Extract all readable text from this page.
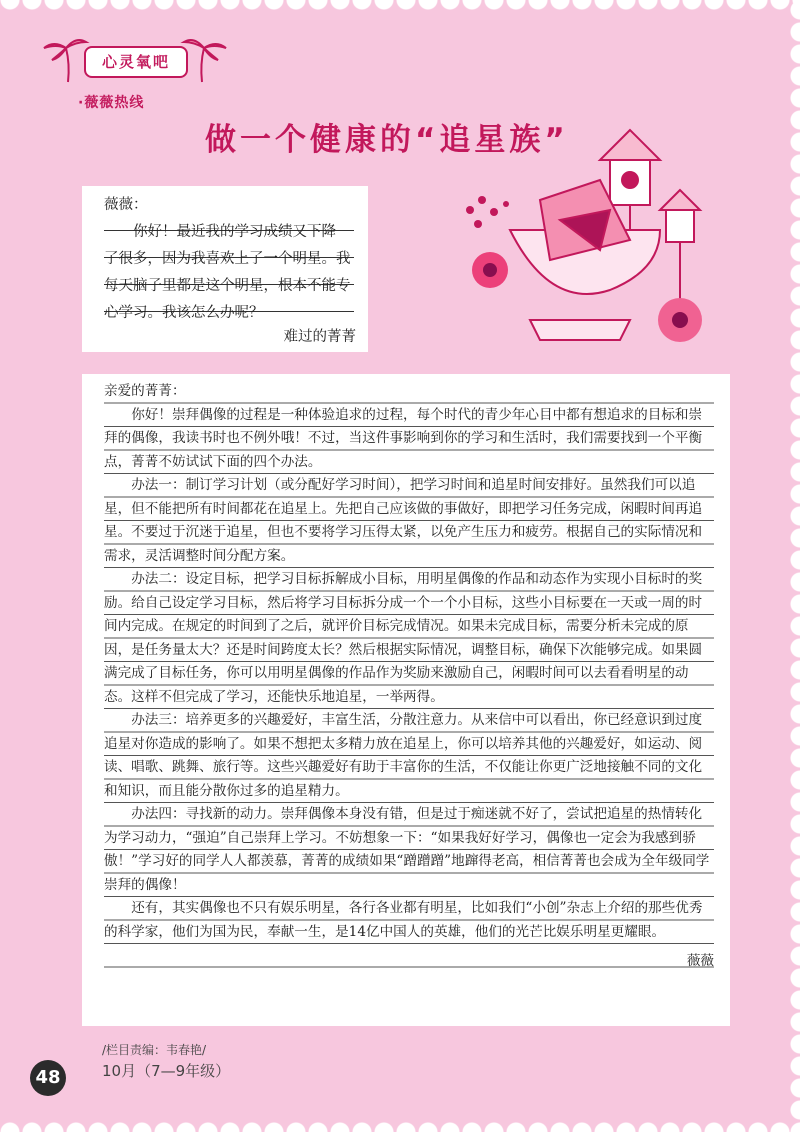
心灵氧吧
·薇薇热线
做一个健康的“追星族”
薇薇：
你好！最近我的学习成绩又下降
了很多，因为我喜欢上了一个明星。我
每天脑子里都是这个明星，根本不能专
心学习。我该怎么办呢？
难过的菁菁

亲爱的菁菁：

你好！崇拜偶像的过程是一种体验追求的过程，每个时代的青少年心目中都有想追求的目标和崇拜的偶像，我读书时也不例外哦！不过，当这件事影响到你的学习和生活时，我们需要找到一个平衡点，菁菁不妨试试下面的四个办法。

办法一：制订学习计划（或分配好学习时间），把学习时间和追星时间安排好。虽然我们可以追星，但不能把所有时间都花在追星上。先把自己应该做的事做好，即把学习任务完成，闲暇时间再追星。不要过于沉迷于追星，但也不要将学习压得太紧，以免产生压力和疲劳。根据自己的实际情况和需求，灵活调整时间分配方案。

办法二：设定目标，把学习目标拆解成小目标，用明星偶像的作品和动态作为实现小目标时的奖励。给自己设定学习目标，然后将学习目标拆分成一个一个小目标，这些小目标要在一天或一周的时间内完成。在规定的时间到了之后，就评价目标完成情况。如果未完成目标，需要分析未完成的原因，是任务量太大？还是时间跨度太长？然后根据实际情况，调整目标，确保下次能够完成。如果圆满完成了目标任务，你可以用明星偶像的作品作为奖励来激励自己，闲暇时间可以去看看明星的动态。这样不但完成了学习，还能快乐地追星，一举两得。

办法三：培养更多的兴趣爱好，丰富生活，分散注意力。从来信中可以看出，你已经意识到过度追星对你造成的影响了。如果不想把太多精力放在追星上，你可以培养其他的兴趣爱好，如运动、阅读、唱歌、跳舞、旅行等。这些兴趣爱好有助于丰富你的生活，不仅能让你更广泛地接触不同的文化和知识，而且能分散你过多的追星精力。

办法四：寻找新的动力。崇拜偶像本身没有错，但是过于痴迷就不好了，尝试把追星的热情转化为学习动力，“强迫”自己崇拜上学习。不妨想象一下：“如果我好好学习，偶像也一定会为我感到骄傲！”学习好的同学人人都羡慕，菁菁的成绩如果“蹭蹭蹭”地蹿得老高，相信菁菁也会成为全年级同学崇拜的偶像！

还有，其实偶像也不只有娱乐明星，各行各业都有明星，比如我们“小创”杂志上介绍的那些优秀的科学家，他们为国为民，奉献一生，是14亿中国人的英雄，他们的光芒比娱乐明星更耀眼。

薇薇

/栏目责编：韦春艳/
48	10月（7—9年级）
